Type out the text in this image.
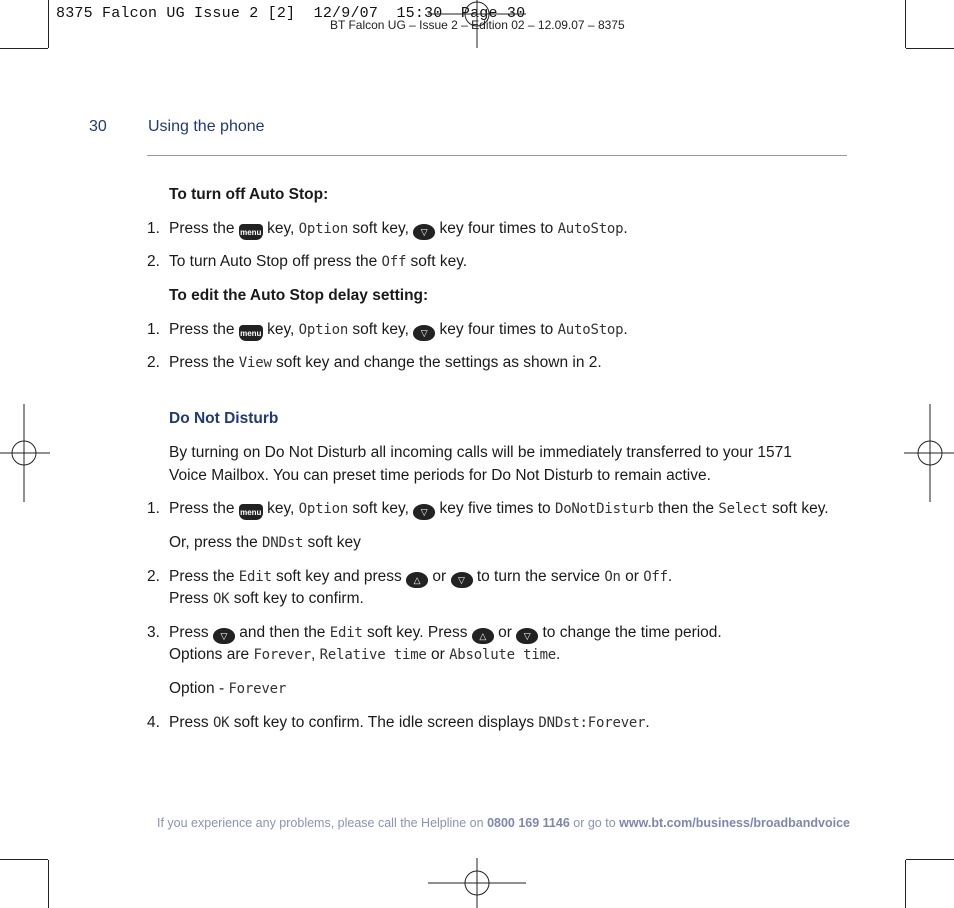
8375 Falcon UG Issue 2 [2]  12/9/07  15:30  Page 30
BT Falcon UG – Issue 2 – Edition 02 – 12.09.07 – 8375
30	Using the phone
To turn off Auto Stop:
1. Press the menu key, Option soft key, ▽ key four times to AutoStop.
2. To turn Auto Stop off press the Off soft key.
To edit the Auto Stop delay setting:
1. Press the menu key, Option soft key, ▽ key four times to AutoStop.
2. Press the View soft key and change the settings as shown in 2.
Do Not Disturb
By turning on Do Not Disturb all incoming calls will be immediately transferred to your 1571
Voice Mailbox. You can preset time periods for Do Not Disturb to remain active.
1. Press the menu key, Option soft key, ▽ key five times to DoNotDisturb then the Select soft key.
Or, press the DNDst soft key
2. Press the Edit soft key and press △ or ▽ to turn the service On or Off.
Press OK soft key to confirm.
3. Press ▽ and then the Edit soft key. Press △ or ▽ to change the time period.
Options are Forever, Relative time or Absolute time.
Option - Forever
4. Press OK soft key to confirm. The idle screen displays DNDst:Forever.
If you experience any problems, please call the Helpline on 0800 169 1146 or go to www.bt.com/business/broadbandvoice
